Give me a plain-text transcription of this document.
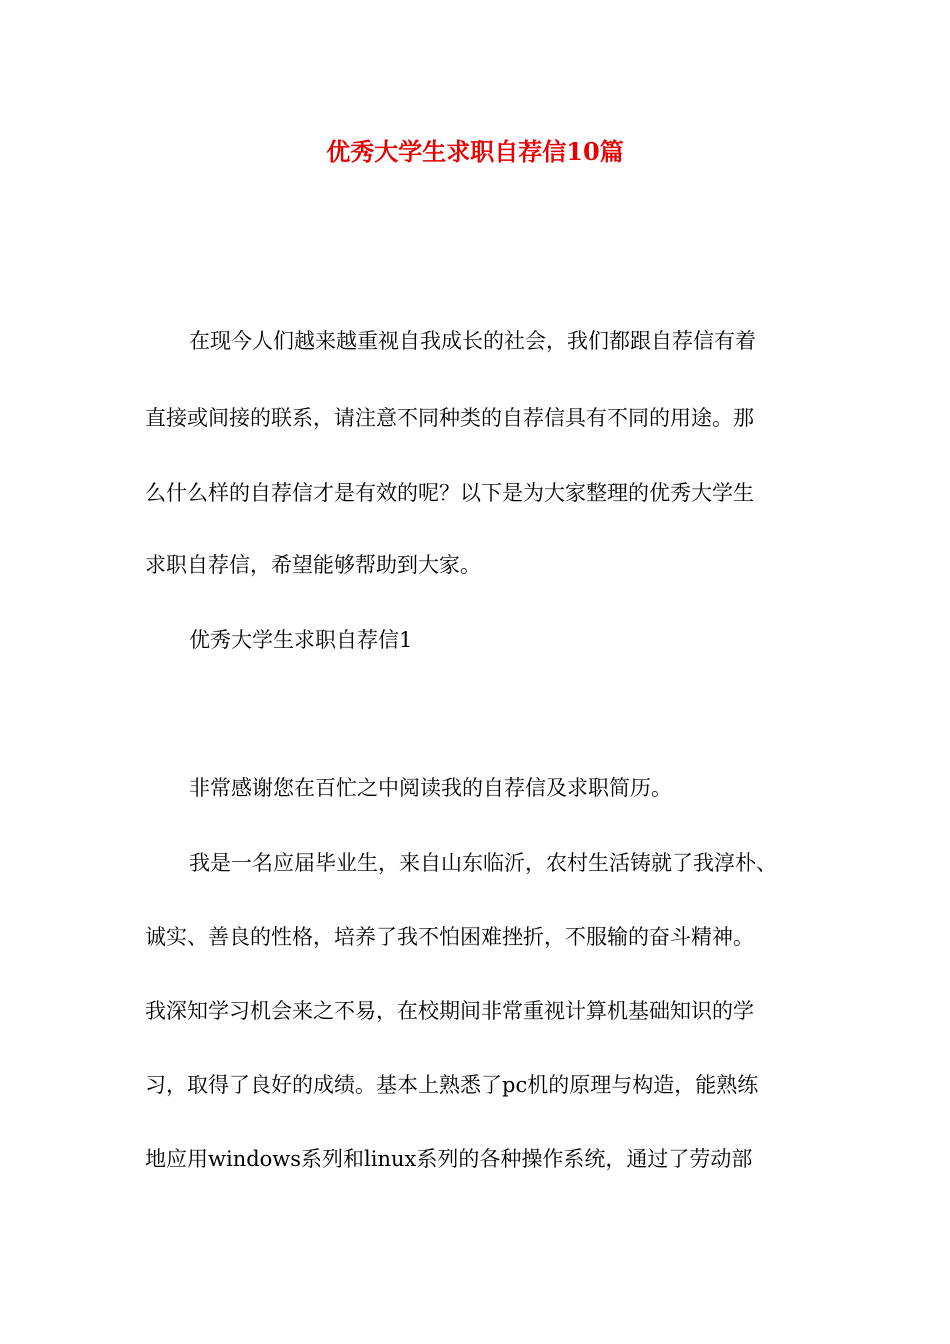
优秀大学生求职自荐信10篇

在现今人们越来越重视自我成长的社会，我们都跟自荐信有着

直接或间接的联系，请注意不同种类的自荐信具有不同的用途。那

么什么样的自荐信才是有效的呢？以下是为大家整理的优秀大学生

求职自荐信，希望能够帮助到大家。

优秀大学生求职自荐信1

非常感谢您在百忙之中阅读我的自荐信及求职简历。

我是一名应届毕业生，来自山东临沂，农村生活铸就了我淳朴、

诚实、善良的性格，培养了我不怕困难挫折，不服输的奋斗精神。

我深知学习机会来之不易，在校期间非常重视计算机基础知识的学

习，取得了良好的成绩。基本上熟悉了pc机的原理与构造，能熟练

地应用windows系列和linux系列的各种操作系统，通过了劳动部
